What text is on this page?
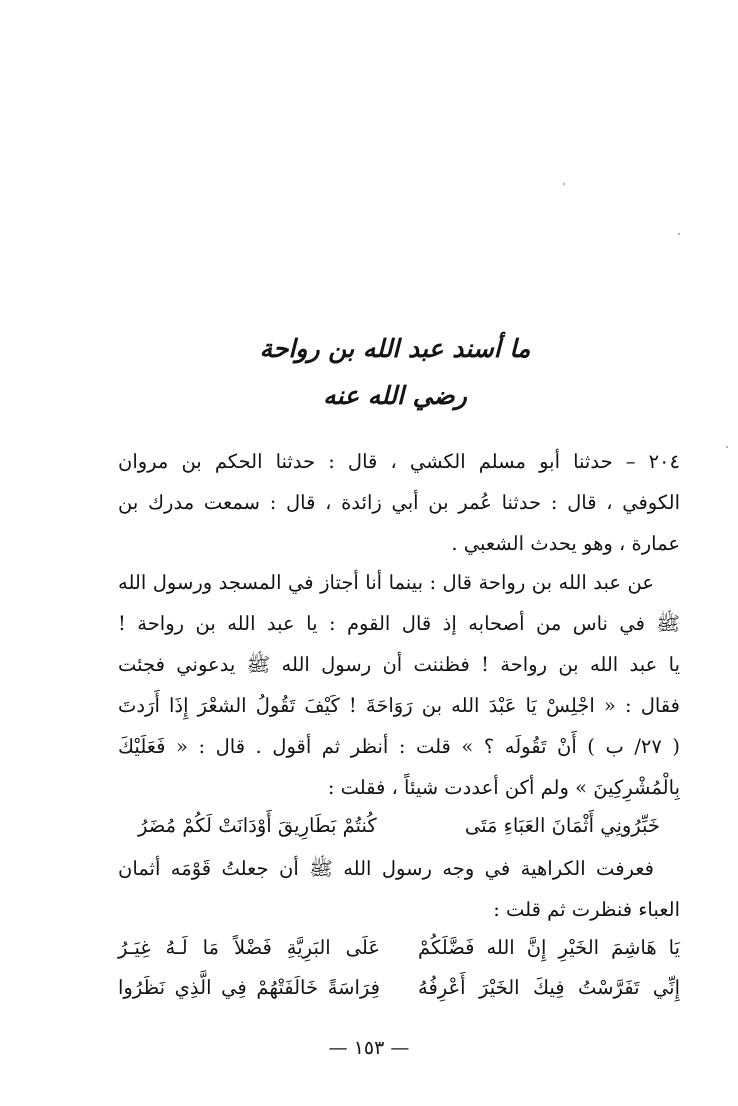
ما أسند عبد الله بن رواحة
رضي الله عنه
٢٠٤ – حدثنا أبو مسلم الكشي ، قال : حدثنا الحكم بن مروان
الكوفي ، قال : حدثنا عُمر بن أبي زائدة ، قال : سمعت مدرك بن
عمارة ، وهو يحدث الشعبي .
عن عبد الله بن رواحة قال : بينما أنا أجتاز في المسجد ورسول الله
ﷺ في ناس من أصحابه إذ قال القوم : يا عبد الله بن رواحة !
يا عبد الله بن رواحة ! فظننت أن رسول الله ﷺ يدعوني فجئت
فقال : « اجْلِسْ يَا عَبْدَ الله بن رَوَاحَةَ ! كَيْفَ تَقُولُ الشعْرَ إِذَا أَرَدتَ
( ٢٧/ ب ) أَنْ تَقُولَه ؟ » قلت : أنظر ثم أقول . قال : « فَعَلَيْكَ
بِالْمُشْرِكِينَ » ولم أكن أعددت شيئاً ، فقلت :
خَبِّرُونِي أَثْمَانَ العَبَاءِ مَتَى
كُنتُمْ بَطَارِيقَ أَوْدَانَتْ لَكُمْ مُضَرُ
فعرفت الكراهية في وجه رسول الله ﷺ أن جعلتُ قَوْمَه أثمان
العباء فنظرت ثم قلت :
يَا هَاشِمَ الخَيْرِ إِنَّ الله فَضَّلَكُمْ
عَلَى البَرِيَّةِ فَضْلاً مَا لَـهُ غِيَـرُ
إِنِّي تَفَرَّسْتُ فِيكَ الخَيْرَ أَعْرِفُهُ
فِرَاسَةً خَالَفَتْهُمْ فِي الَّذِي نَظَرُوا
— ١٥٣ —
